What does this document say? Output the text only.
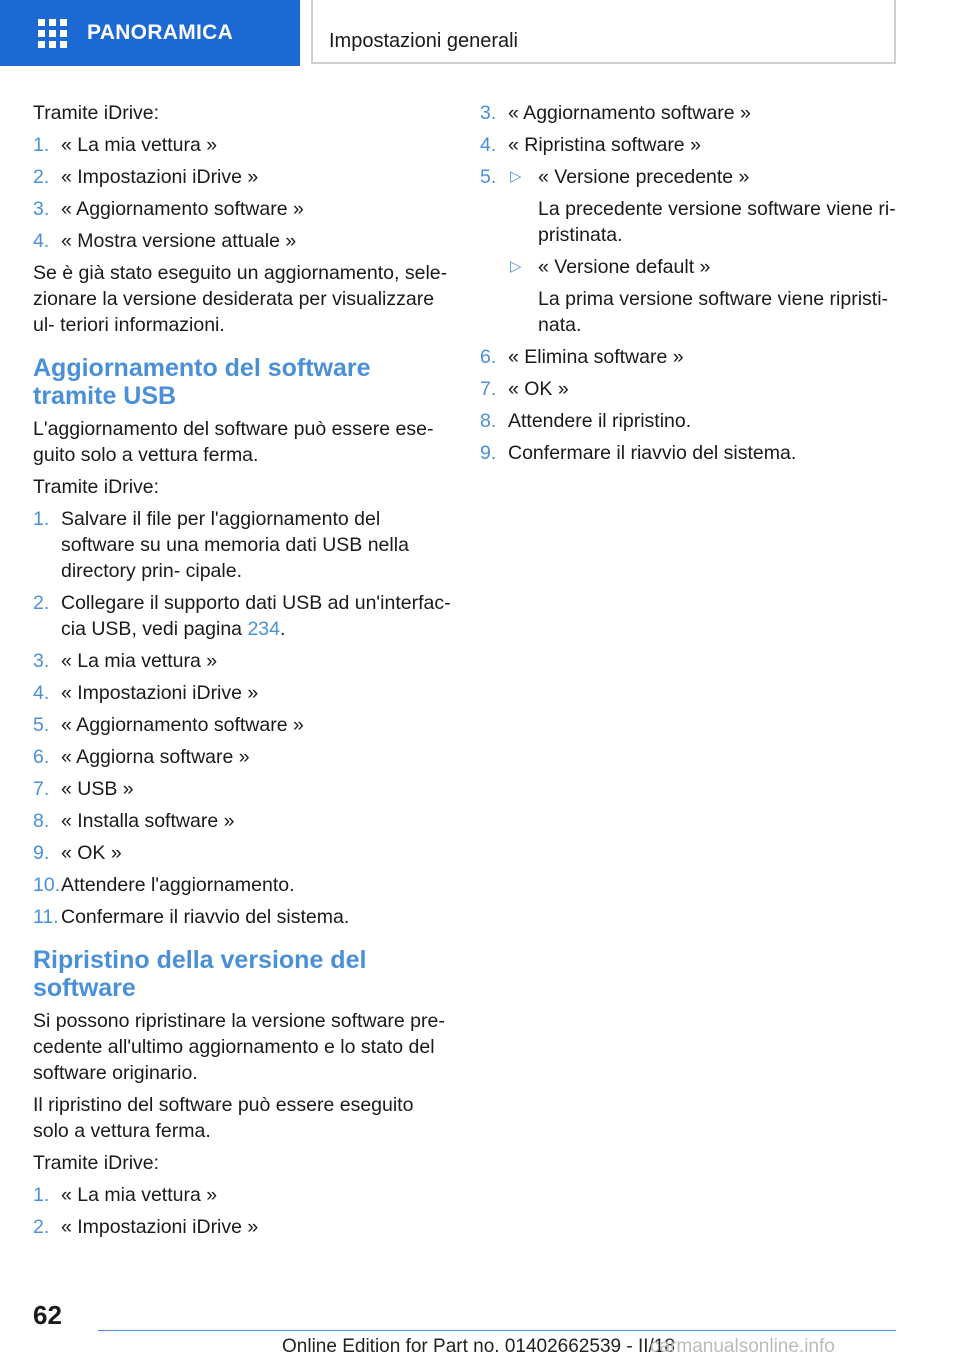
PANORAMICA	Impostazioni generali

Tramite iDrive:

1. « La mia vettura »
2. « Impostazioni iDrive »
3. « Aggiornamento software »
4. « Mostra versione attuale »

Se è già stato eseguito un aggiornamento, sele- zionare la versione desiderata per visualizzare ul- teriori informazioni.

Aggiornamento del software tramite USB

L'aggiornamento del software può essere ese- guito solo a vettura ferma.

Tramite iDrive:

1. Salvare il file per l'aggiornamento del software su una memoria dati USB nella directory prin- cipale.
2. Collegare il supporto dati USB ad un'interfac- cia USB, vedi pagina 234.
3. « La mia vettura »
4. « Impostazioni iDrive »
5. « Aggiornamento software »
6. « Aggiorna software »
7. « USB »
8. « Installa software »
9. « OK »
10. Attendere l'aggiornamento.
11. Confermare il riavvio del sistema.
Ripristino della versione del software

Si possono ripristinare la versione software pre- cedente all'ultimo aggiornamento e lo stato del software originario.

Il ripristino del software può essere eseguito solo a vettura ferma.

Tramite iDrive:

1. « La mia vettura »
2. « Impostazioni iDrive »
3. « Aggiornamento software »
4. « Ripristina software »
5. ▷ « Versione precedente »
La precedente versione software viene ri- pristinata.
▷ « Versione default »
La prima versione software viene ripristi- nata.
6. « Elimina software »
7. « OK »
8. Attendere il ripristino.
9. Confermare il riavvio del sistema.
62
Online Edition for Part no. 01402662539 - II/18
carmanualsonline.info
